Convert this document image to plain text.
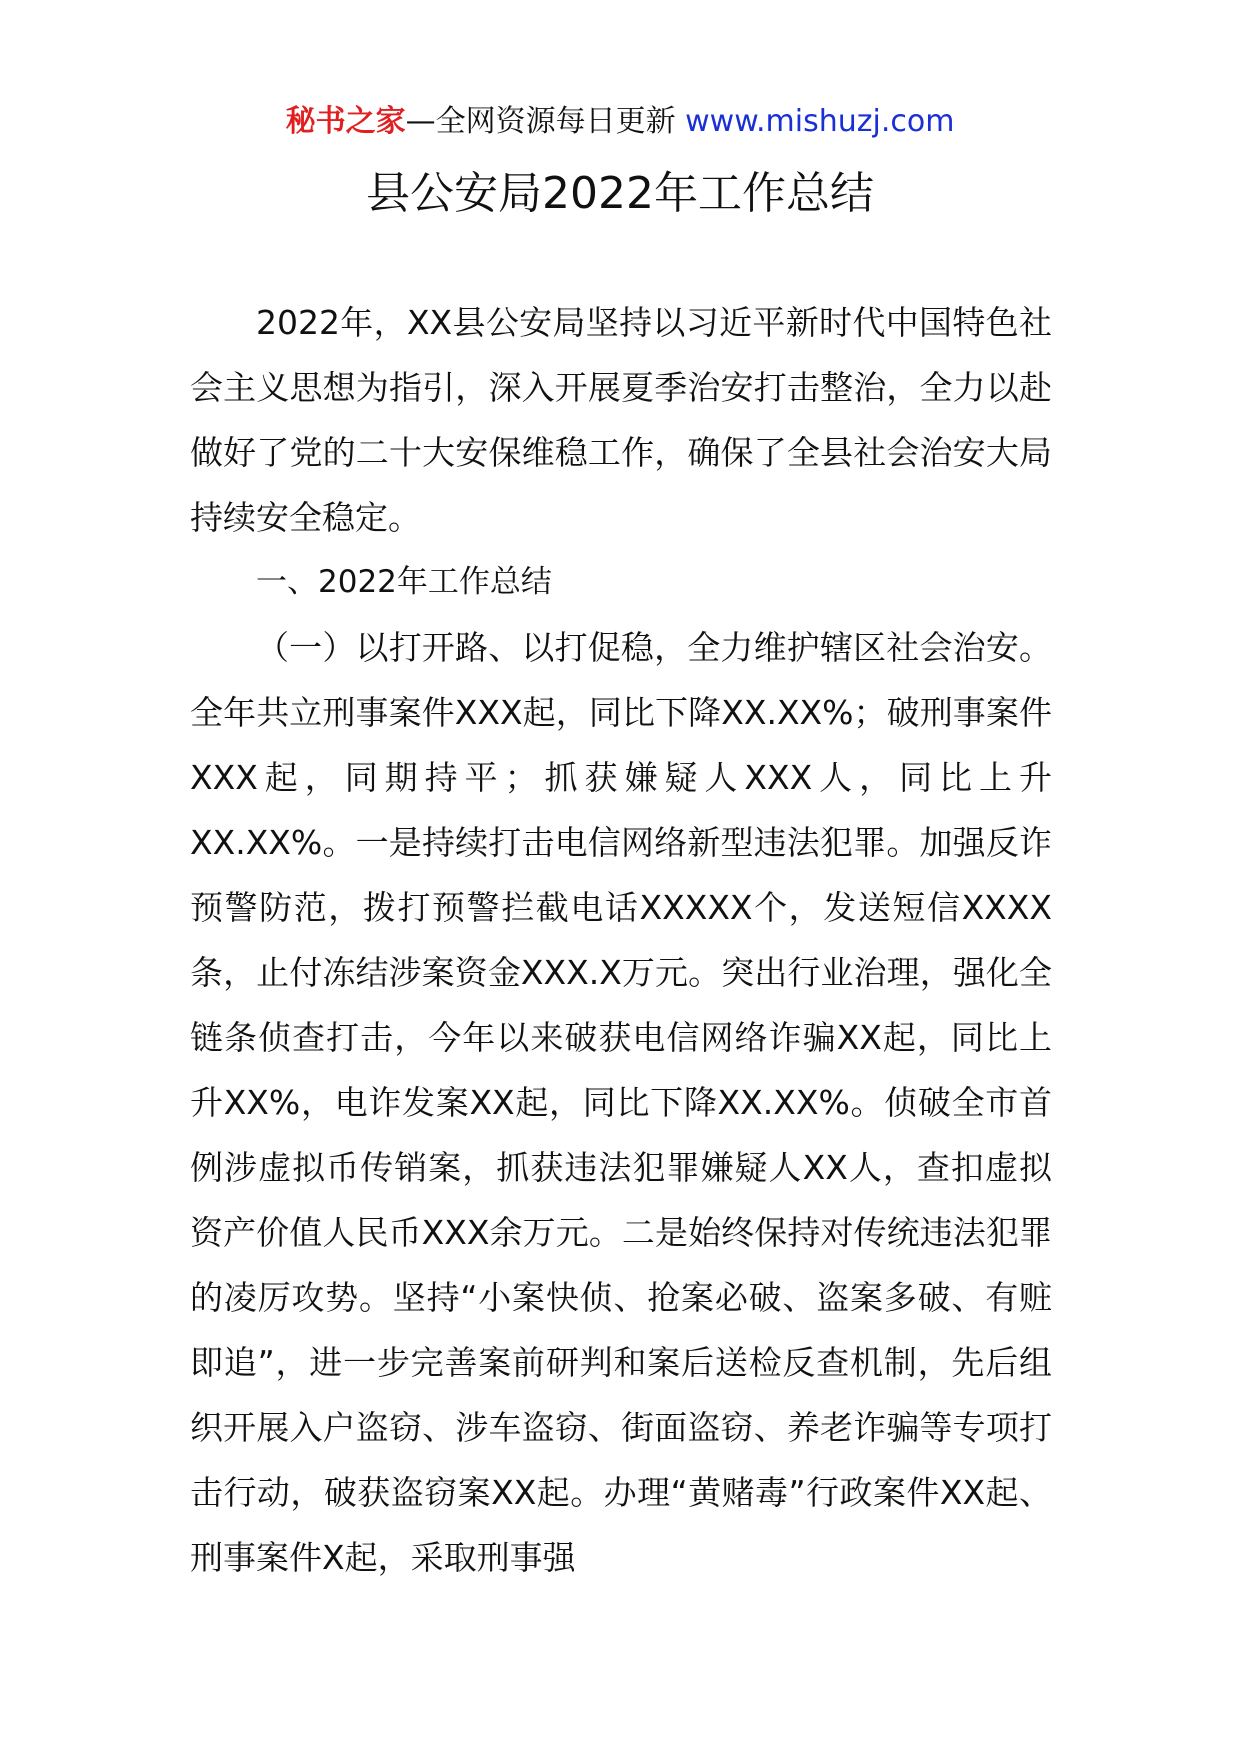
秘书之家—全网资源每日更新 www.mishuzj.com
县公安局2022年工作总结

2022年，XX县公安局坚持以习近平新时代中国特色社会主义思想为指引，深入开展夏季治安打击整治，全力以赴做好了党的二十大安保维稳工作，确保了全县社会治安大局持续安全稳定。

一、2022年工作总结

（一）以打开路、以打促稳，全力维护辖区社会治安。全年共立刑事案件XXX起，同比下降XX.XX%；破刑事案件XXX起，同期持平；抓获嫌疑人XXX人，同比上升XX.XX%。一是持续打击电信网络新型违法犯罪。加强反诈预警防范，拨打预警拦截电话XXXXX个，发送短信XXXX条，止付冻结涉案资金XXX.X万元。突出行业治理，强化全链条侦查打击，今年以来破获电信网络诈骗XX起，同比上升XX%，电诈发案XX起，同比下降XX.XX%。侦破全市首例涉虚拟币传销案，抓获违法犯罪嫌疑人XX人，查扣虚拟资产价值人民币XXX余万元。二是始终保持对传统违法犯罪的凌厉攻势。坚持“小案快侦、抢案必破、盗案多破、有赃即追”，进一步完善案前研判和案后送检反查机制，先后组织开展入户盗窃、涉车盗窃、街面盗窃、养老诈骗等专项打击行动，破获盗窃案XX起。办理“黄赌毒”行政案件XX起、刑事案件X起，采取刑事强
